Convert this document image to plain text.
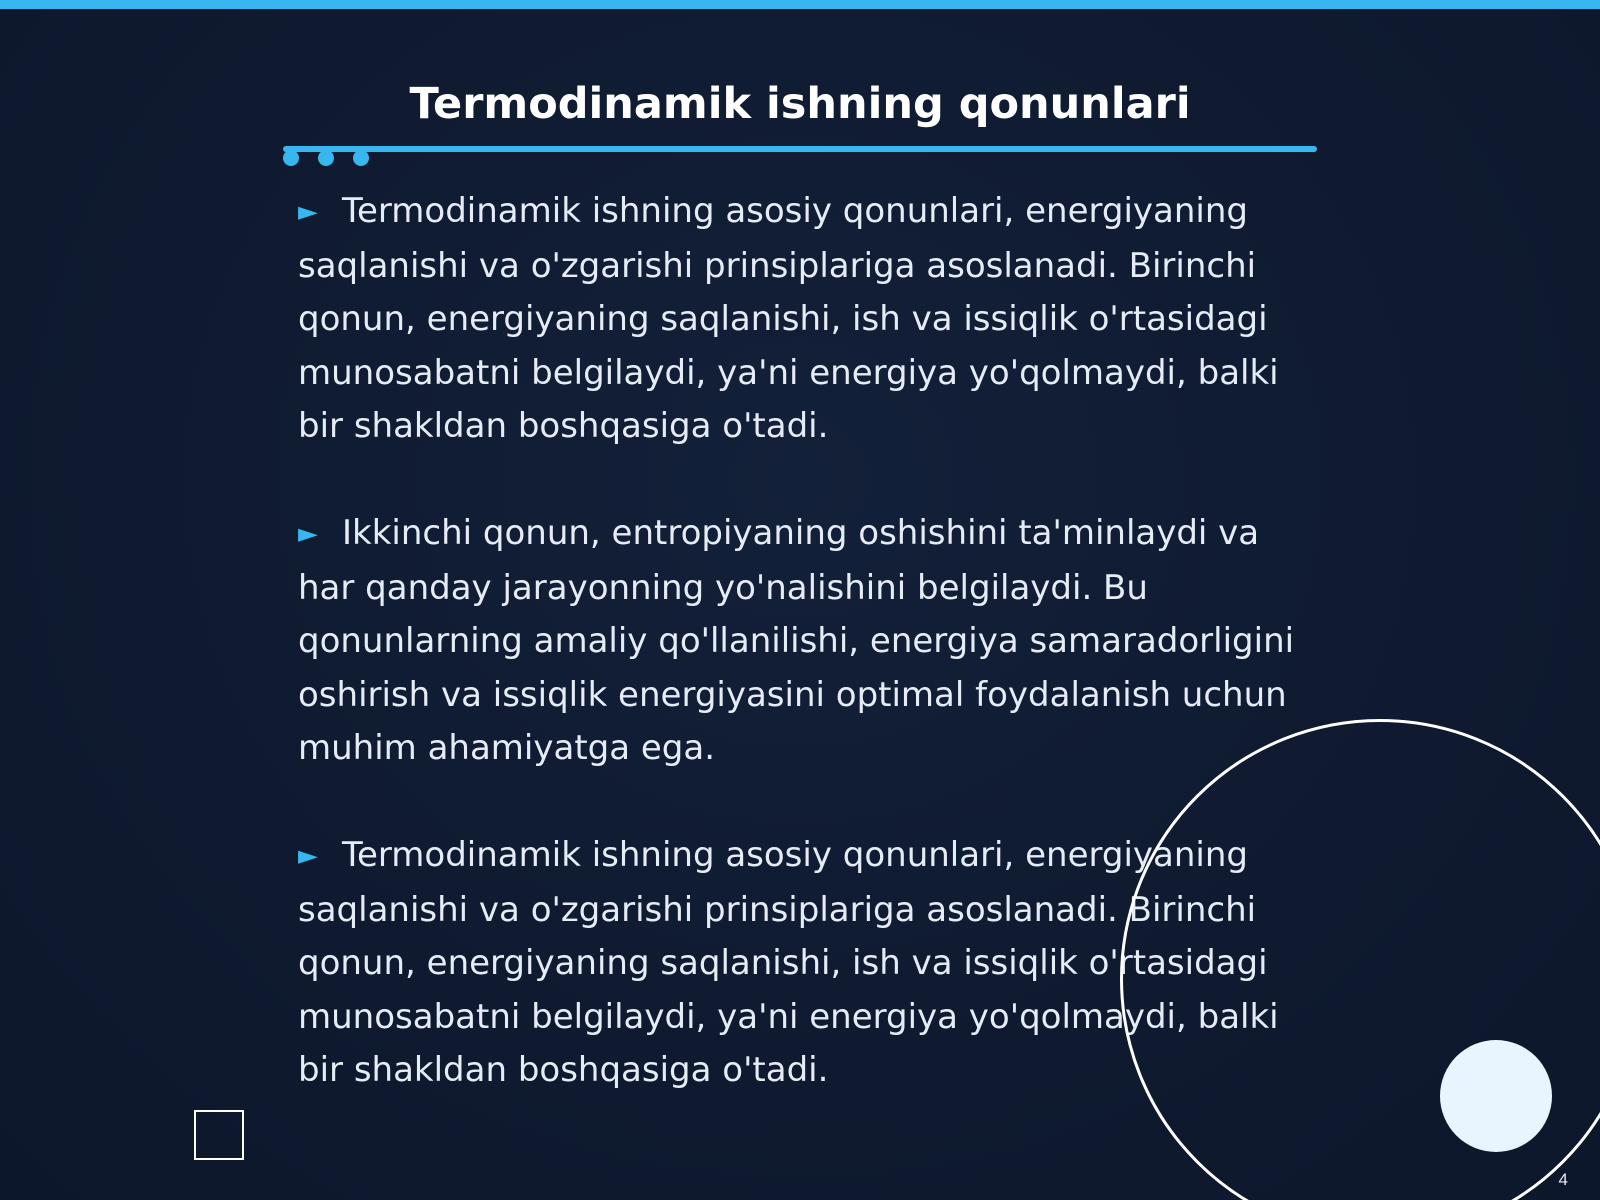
Termodinamik ishning qonunlari
► Termodinamik ishning asosiy qonunlari, energiyaning saqlanishi va o'zgarishi prinsiplariga asoslanadi. Birinchi qonun, energiyaning saqlanishi, ish va issiqlik o'rtasidagi munosabatni belgilaydi, ya'ni energiya yo'qolmaydi, balki bir shakldan boshqasiga o'tadi.
► Ikkinchi qonun, entropiyaning oshishini ta'minlaydi va har qanday jarayonning yo'nalishini belgilaydi. Bu qonunlarning amaliy qo'llanilishi, energiya samaradorligini oshirish va issiqlik energiyasini optimal foydalanish uchun muhim ahamiyatga ega.
► Termodinamik ishning asosiy qonunlari, energiyaning saqlanishi va o'zgarishi prinsiplariga asoslanadi. Birinchi qonun, energiyaning saqlanishi, ish va issiqlik o'rtasidagi munosabatni belgilaydi, ya'ni energiya yo'qolmaydi, balki bir shakldan boshqasiga o'tadi.
4
